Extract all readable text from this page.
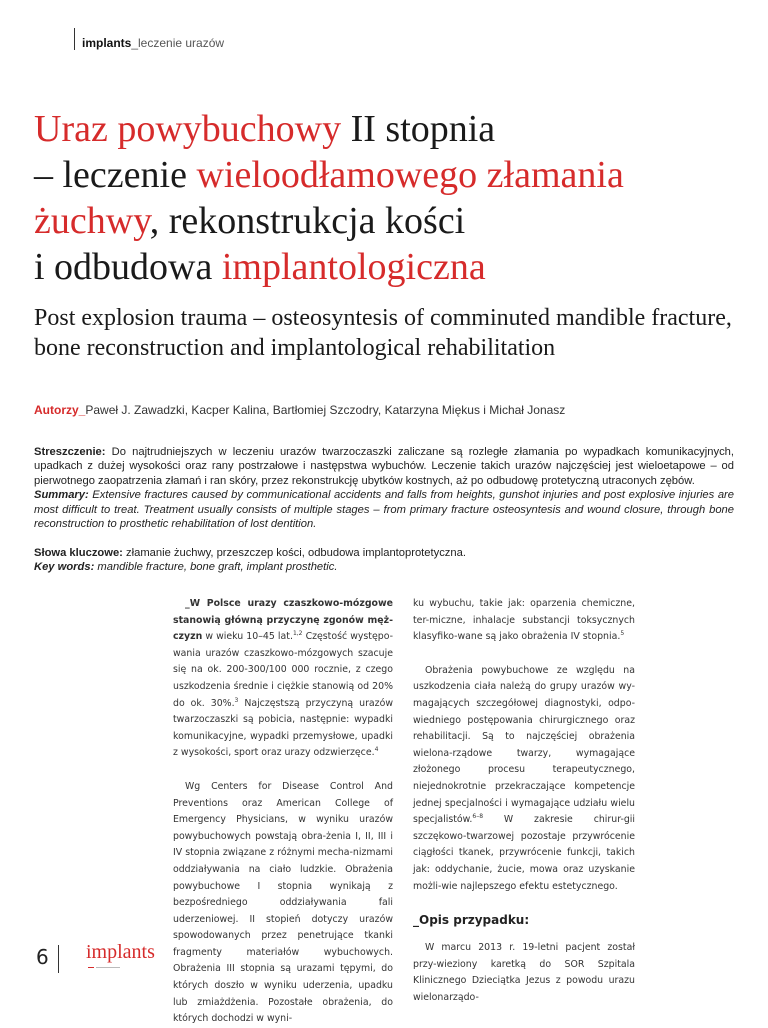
implants_leczenie urazów
Uraz powybuchowy II stopnia
– leczenie wieloodłamowego złamania
żuchwy, rekonstrukcja kości
i odbudowa implantologiczna
Post explosion trauma – osteosyntesis of comminuted mandible fracture, bone reconstruction and implantological rehabilitation
Autorzy_Paweł J. Zawadzki, Kacper Kalina, Bartłomiej Szczodry, Katarzyna Miękus i Michał Jonasz

Streszczenie: Do najtrudniejszych w leczeniu urazów twarzoczaszki zaliczane są rozległe złamania po wypadkach komunikacyjnych, upadkach z dużej wysokości oraz rany postrzałowe i następstwa wybuchów. Leczenie takich urazów najczęściej jest wieloetapowe – od pierwotnego zaopatrzenia złamań i ran skóry, przez rekonstrukcję ubytków kostnych, aż po odbudowę protetyczną utraconych zębów.

Summary: Extensive fractures caused by communicational accidents and falls from heights, gunshot injuries and post explosive injuries are most difficult to treat. Treatment usually consists of multiple stages – from primary fracture osteosyntesis and wound closure, through bone reconstruction to prosthetic rehabilitation of lost dentition.

Słowa kluczowe: złamanie żuchwy, przeszczep kości, odbudowa implantoprotetyczna.

Key words: mandible fracture, bone graft, implant prosthetic.

_W Polsce urazy czaszkowo-mózgowe stanowią główną przyczynę zgonów męż-czyzn w wieku 10–45 lat.$^{1,2}$ Częstość występo-wania urazów czaszkowo-mózgowych szacuje się na ok. 200-300/100 000 rocznie, z czego uszkodzenia średnie i ciężkie stanowią od 20% do ok. 30%.$^3$ Najczęstszą przyczyną urazów twarzoczaszki są pobicia, następnie: wypadki komunikacyjne, wypadki przemysłowe, upadki z wysokości, sport oraz urazy odzwierzęce.$^4$

Wg Centers for Disease Control And Preventions oraz American College of Emergency Physicians, w wyniku urazów powybuchowych powstają obra-żenia I, II, III i IV stopnia związane z różnymi mecha-nizmami oddziaływania na ciało ludzkie. Obrażenia powybuchowe I stopnia wynikają z bezpośredniego oddziaływania fali uderzeniowej. II stopień dotyczy urazów spowodowanych przez penetrujące tkanki fragmenty materiałów wybuchowych. Obrażenia III stopnia są urazami tępymi, do których doszło w wyniku uderzenia, upadku lub zmiażdżenia. Pozostałe obrażenia, do których dochodzi w wyni-

ku wybuchu, takie jak: oparzenia chemiczne, ter-miczne, inhalacje substancji toksycznych klasyfiko-wane są jako obrażenia IV stopnia.$^5$

Obrażenia powybuchowe ze względu na uszkodzenia ciała należą do grupy urazów wy-magających szczegółowej diagnostyki, odpo-wiedniego postępowania chirurgicznego oraz rehabilitacji. Są to najczęściej obrażenia wielona-rządowe twarzy, wymagające złożonego procesu terapeutycznego, niejednokrotnie przekraczające kompetencje jednej specjalności i wymagające udziału wielu specjalistów.$^{6-8}$ W zakresie chirur-gii szczękowo-twarzowej pozostaje przywrócenie ciągłości tkanek, przywrócenie funkcji, takich jak: oddychanie, żucie, mowa oraz uzyskanie możli-wie najlepszego efektu estetycznego.

_Opis przypadku:

W marcu 2013 r. 19-letni pacjent został przy-wieziony karetką do SOR Szpitala Klinicznego Dzieciątka Jezus z powodu urazu wielonarządo-

6 implants
